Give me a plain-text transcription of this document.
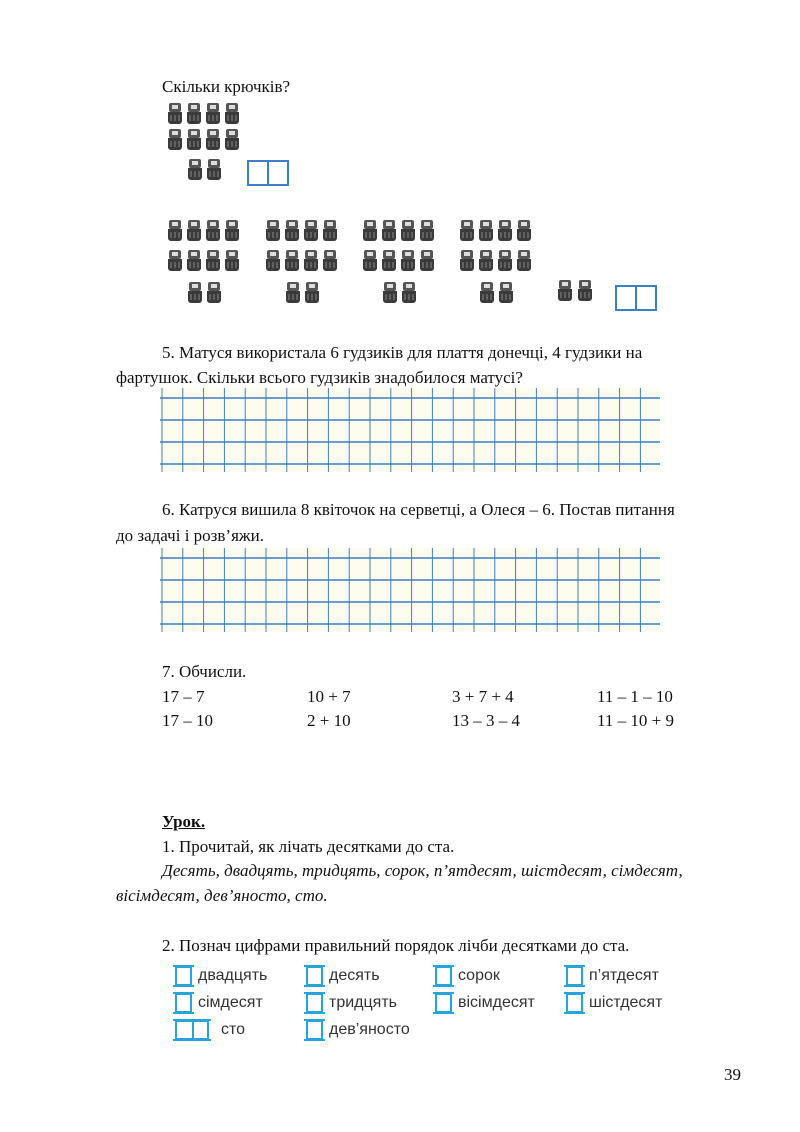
Скільки крючків?
5. Матуся використала 6 гудзиків для плаття донечці, 4 гудзики на
фартушок. Скільки всього гудзиків знадобилося матусі?
6. Катруся вишила 8 квіточок на серветці, а Олеся – 6. Постав питання
до задачі і розв’яжи.
7. Обчисли.
17 – 7	10 + 7	3 + 7 + 4	11 – 1 – 10
17 – 10	2 + 10	13 – 3 – 4	11 – 10 + 9
Урок.
1. Прочитай, як лічать десятками до ста.
Десять, двадцять, тридцять, сорок, п’ятдесят, шістдесят, сімдесят,
вісімдесят, дев’яносто, сто.
2. Познач цифрами правильний порядок лічби десятками до ста.
двадцять	десять	сорок	п’ятдесят
сімдесят	тридцять	вісімдесят	шістдесят
сто	дев’яносто
39
